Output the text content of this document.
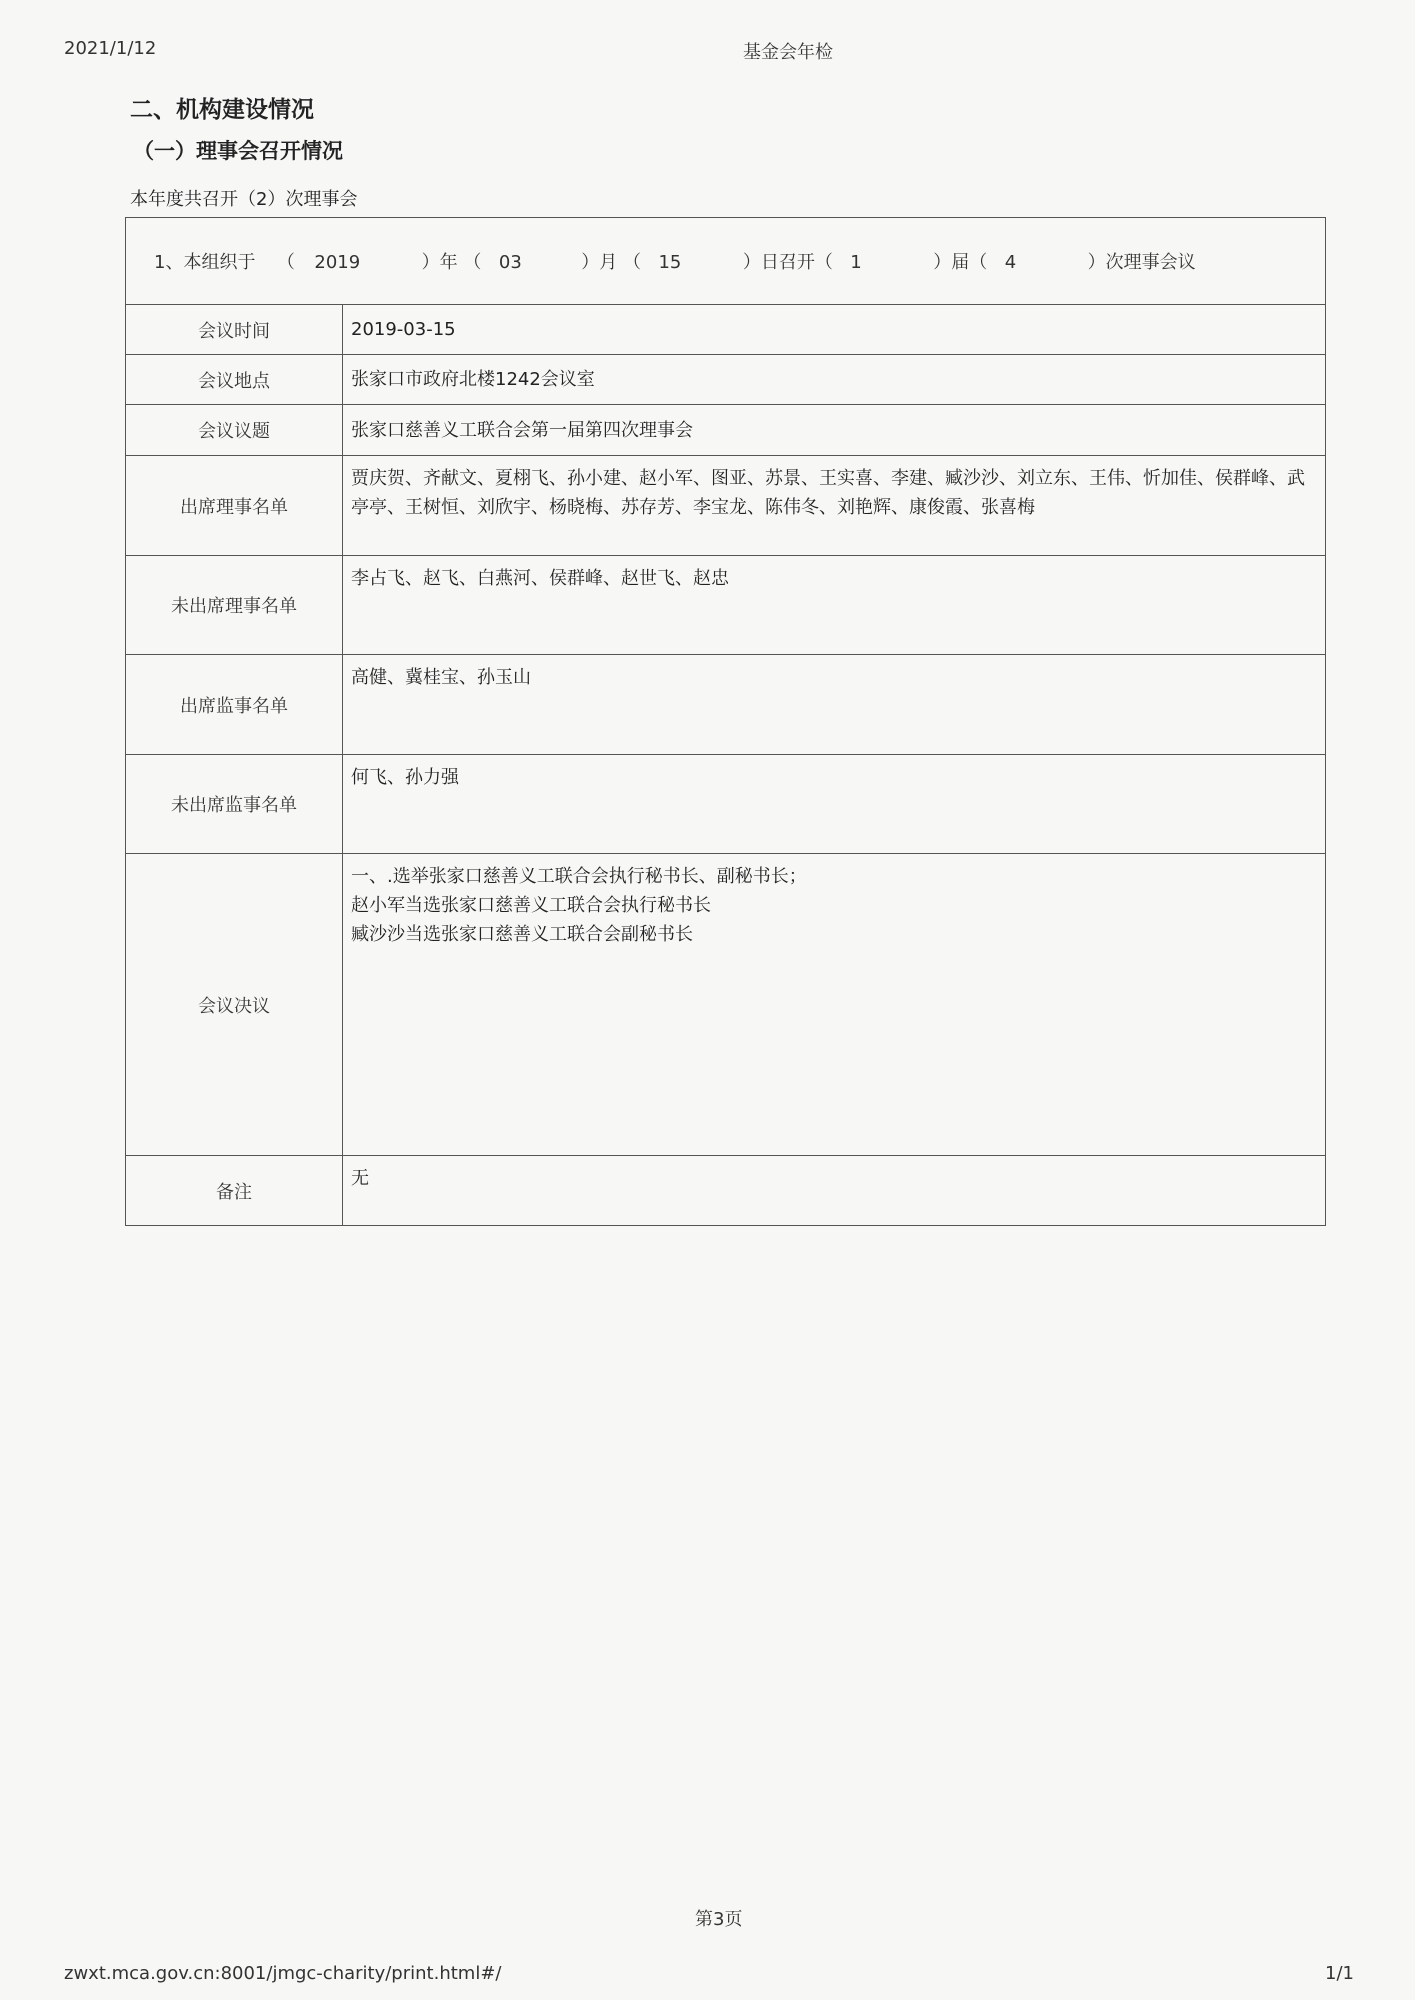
2021/1/12	基金会年检
二、机构建设情况
（一）理事会召开情况
本年度共召开（2）次理事会
1、本组织于 （ 2019 ）年 （ 03 ）月 （ 15 ）日召开（ 1 ）届（ 4 ）次理事会议	
会议时间	2019-03-15
会议地点	张家口市政府北楼1242会议室
会议议题	张家口慈善义工联合会第一届第四次理事会
出席理事名单	贾庆贺、齐献文、夏栩飞、孙小建、赵小军、图亚、苏景、王实喜、李建、臧沙沙、刘立东、王伟、忻加佳、侯群峰、武亭亭、王树恒、刘欣宇、杨晓梅、苏存芳、李宝龙、陈伟冬、刘艳辉、康俊霞、张喜梅
未出席理事名单	李占飞、赵飞、白燕河、侯群峰、赵世飞、赵忠
出席监事名单	高健、冀桂宝、孙玉山
未出席监事名单	何飞、孙力强
会议决议	一、.选举张家口慈善义工联合会执行秘书长、副秘书长；
赵小军当选张家口慈善义工联合会执行秘书长
臧沙沙当选张家口慈善义工联合会副秘书长

备注	无
第3页
zwxt.mca.gov.cn:8001/jmgc-charity/print.html#/	1/1
